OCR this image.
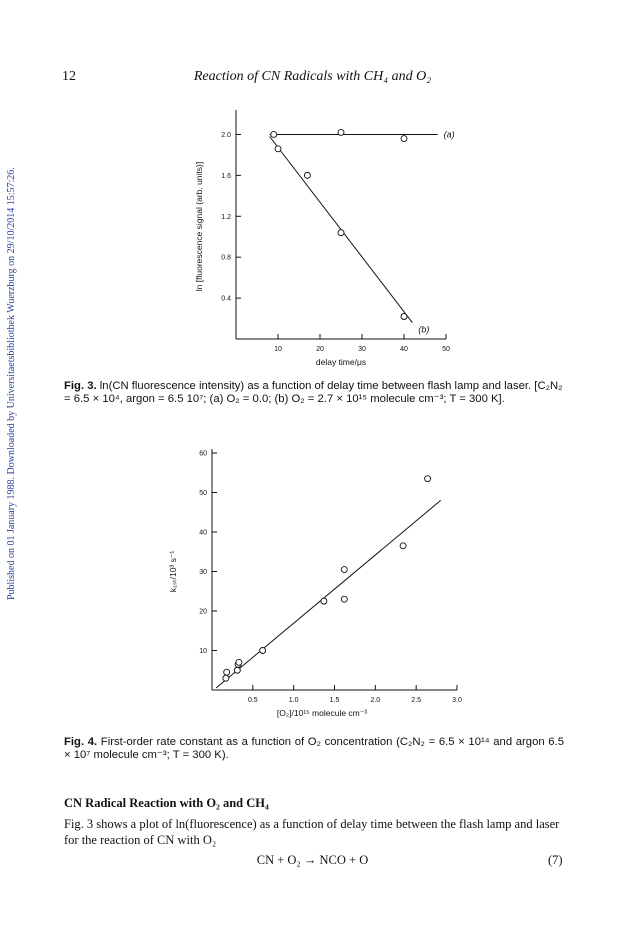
Published on 01 January 1988. Downloaded by Universitaetsbibliothek Wuerzburg on 29/10/2014 15:57:26.
12	Reaction of CN Radicals with CH₄ and O₂
10	20	30	40	50
0.4
0.8
1.2
1.6
2.0	(a)
(b)
delay time/μs
ln [fluorescence signal (arb. units)]
Fig. 3. ln(CN fluorescence intensity) as a function of delay time between flash lamp and laser. [C₂N₂ = 6.5 × 10⁴, argon = 6.5 10⁷; (a) O₂ = 0.0; (b) O₂ = 2.7 × 10¹⁵ molecule cm⁻³; T = 300 K].
0.5	1.0	1.5	2.0	2.5	3.0
10
20
30
40
50
60
[O₂]/10¹⁵ molecule cm⁻³
k₁ₛₜ/10³ s⁻¹
Fig. 4. First-order rate constant as a function of O₂ concentration (C₂N₂ = 6.5 × 10¹⁴ and argon 6.5 × 10⁷ molecule cm⁻³; T = 300 K).
CN Radical Reaction with O₂ and CH₄
Fig. 3 shows a plot of ln(fluorescence) as a function of delay time between the flash lamp and laser for the reaction of CN with O₂
CN + O₂ → NCO + O	(7)
